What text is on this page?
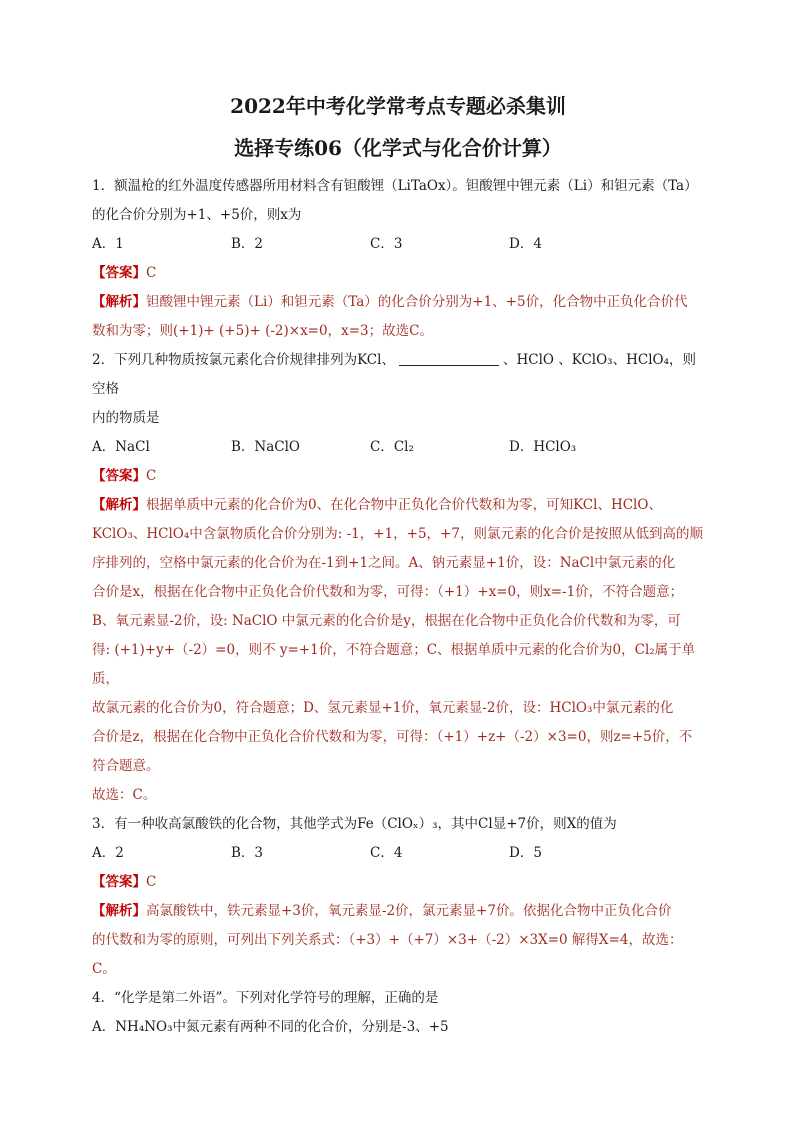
2022年中考化学常考点专题必杀集训
选择专练06（化学式与化合价计算）
1．额温枪的红外温度传感器所用材料含有钽酸锂（LiTaOx）。钽酸锂中锂元素（Li）和钽元素（Ta）
的化合价分别为+1、+5价，则x为
A．1	B．2	C．3	D．4
【答案】C
【解析】钽酸锂中锂元素（Li）和钽元素（Ta）的化合价分别为+1、+5价，化合物中正负化合价代
数和为零；则(+1)+ (+5)+ (-2)×x=0，x=3；故选C。
2．下列几种物质按氯元素化合价规律排列为KCl、	、HClO 、KClO₃、HClO₄，则空格
内的物质是
A．NaCl	B．NaClO	C．Cl₂	D．HClO₃
【答案】C
【解析】根据单质中元素的化合价为0、在化合物中正负化合价代数和为零，可知KCl、HClO、
KClO₃、HClO₄中含氯物质化合价分别为: -1，+1，+5，+7，则氯元素的化合价是按照从低到高的顺
序排列的，空格中氯元素的化合价为在-1到+1之间。A、钠元素显+1价，设：NaCl中氯元素的化
合价是x，根据在化合物中正负化合价代数和为零，可得：（+1）+x=0，则x=-1价，不符合题意；
B、氧元素显-2价，设: NaClO 中氯元素的化合价是y，根据在化合物中正负化合价代数和为零，可
得: (+1)+y+（-2）=0，则不 y=+1价，不符合题意；C、根据单质中元素的化合价为0，Cl₂属于单质，
故氯元素的化合价为0，符合题意；D、氢元素显+1价，氧元素显-2价，设：HClO₃中氯元素的化
合价是z，根据在化合物中正负化合价代数和为零，可得：（+1）+z+（-2）×3=0，则z=+5价，不
符合题意。
故选：C。
3．有一种收高氯酸铁的化合物，其他学式为Fe（ClOₓ）₃，其中Cl显+7价，则X的值为
A．2	B．3	C．4	D．5
【答案】C
【解析】高氯酸铁中，铁元素显+3价，氧元素显-2价，氯元素显+7价。依据化合物中正负化合价
的代数和为零的原则，可列出下列关系式：（+3）+（+7）×3+（-2）×3X=0 解得X=4，故选：C。
4．“化学是第二外语”。下列对化学符号的理解，正确的是
A．NH₄NO₃中氮元素有两种不同的化合价，分别是-3、+5
